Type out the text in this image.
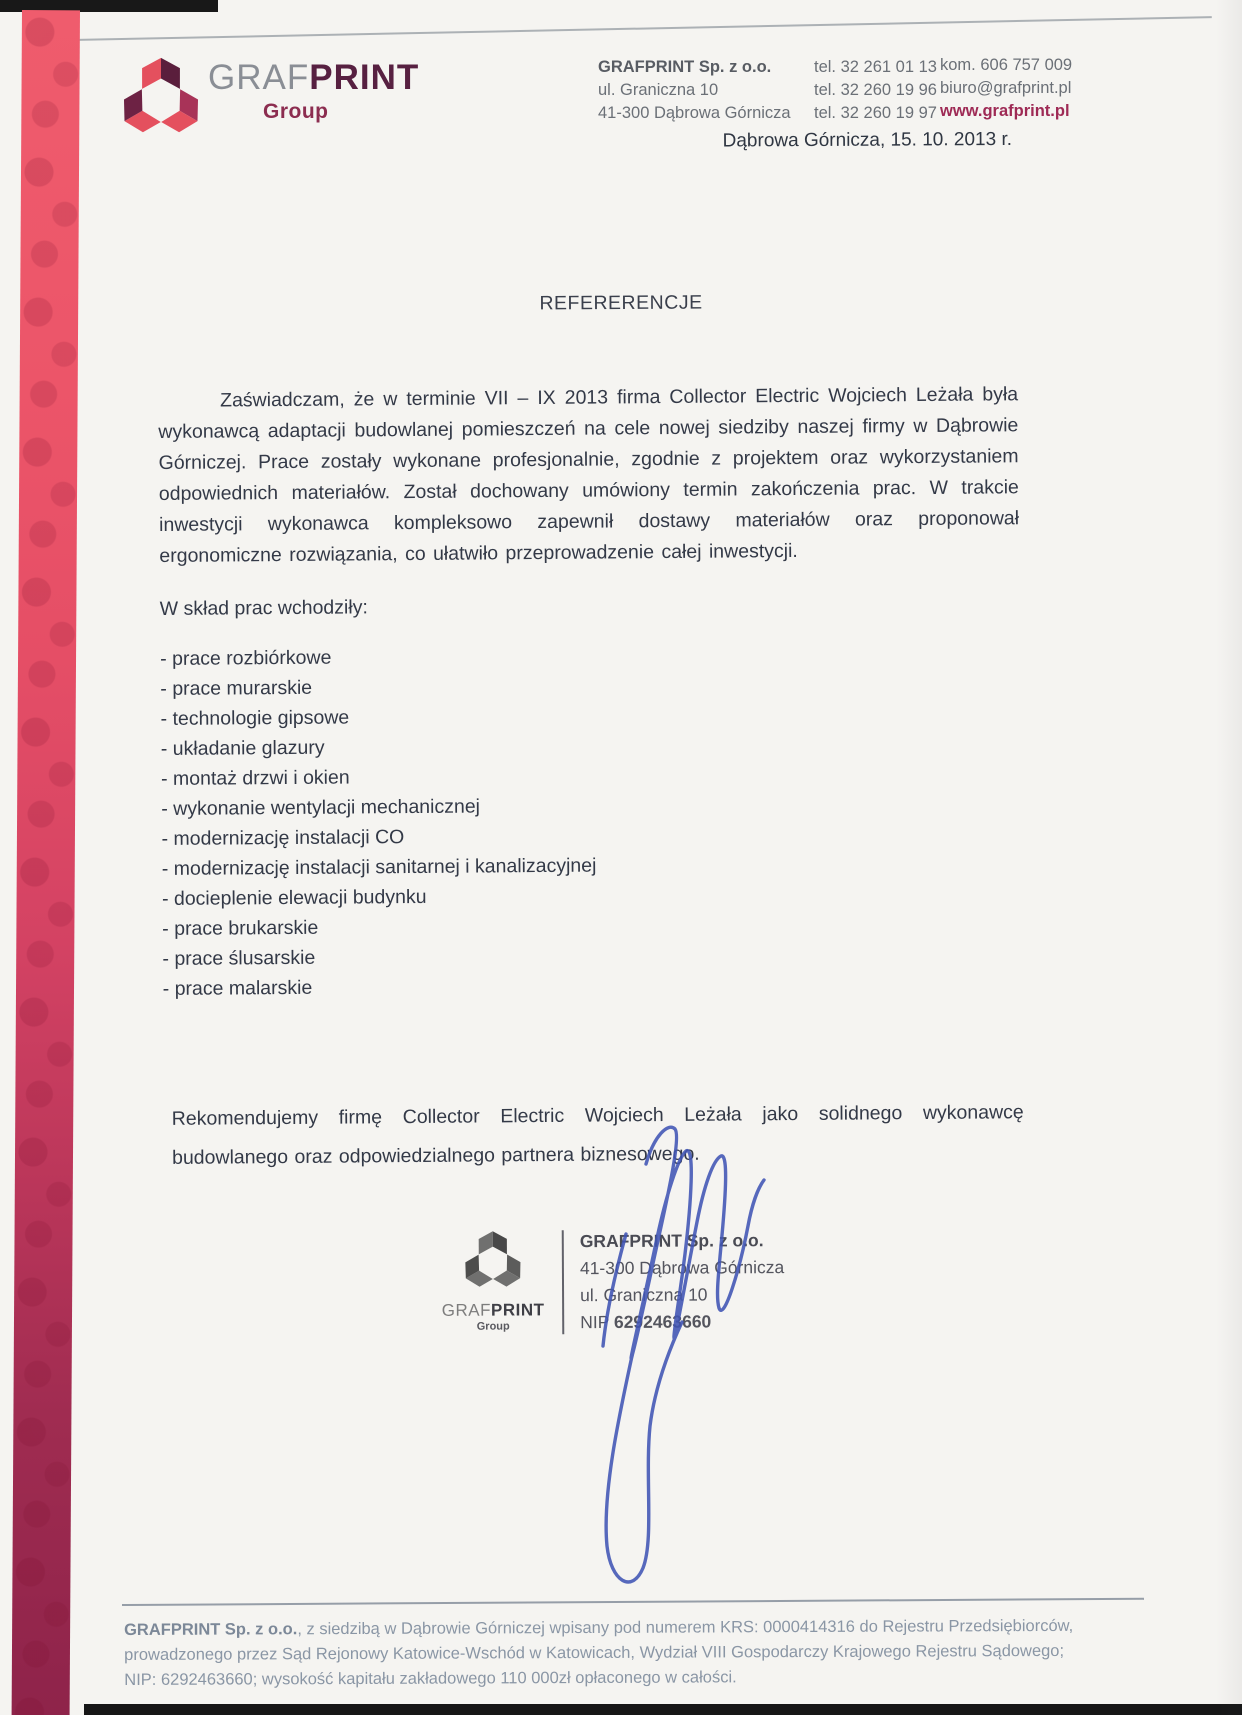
GRAFPRINT
Group
GRAFPRINT Sp. z o.o.
ul. Graniczna 10
41-300 Dąbrowa Górnicza
tel. 32 261 01 13
tel. 32 260 19 96
tel. 32 260 19 97
kom. 606 757 009
biuro@grafprint.pl
www.grafprint.pl
Dąbrowa Górnicza, 15. 10. 2013 r.
REFERERENCJE

Zaświadczam, że w terminie VII – IX 2013 firma Collector Electric Wojciech Leżała była wykonawcą adaptacji budowlanej pomieszczeń na cele nowej siedziby naszej firmy w Dąbrowie Górniczej. Prace zostały wykonane profesjonalnie, zgodnie z projektem oraz wykorzystaniem odpowiednich materiałów. Został dochowany umówiony termin zakończenia prac. W trakcie inwestycji wykonawca kompleksowo zapewnił dostawy materiałów oraz proponował ergonomiczne rozwiązania, co ułatwiło przeprowadzenie całej inwestycji.

W skład prac wchodziły:

- prace rozbiórkowe
- prace murarskie
- technologie gipsowe
- układanie glazury
- montaż drzwi i okien
- wykonanie wentylacji mechanicznej
- modernizację instalacji CO
- modernizację instalacji sanitarnej i kanalizacyjnej
- docieplenie elewacji budynku
- prace brukarskie
- prace ślusarskie
- prace malarskie

Rekomendujemy firmę Collector Electric Wojciech Leżała jako solidnego wykonawcę budowlanego oraz odpowiedzialnego partnera biznesowego.

GRAFPRINT
Group
GRAFPRINT Sp. z o.o.
41-300 Dąbrowa Górnicza
ul. Graniczna 10
NIP 6292463660
GRAFPRINT Sp. z o.o., z siedzibą w Dąbrowie Górniczej wpisany pod numerem KRS: 0000414316 do Rejestru Przedsiębiorców,
prowadzonego przez Sąd Rejonowy Katowice-Wschód w Katowicach, Wydział VIII Gospodarczy Krajowego Rejestru Sądowego;
NIP: 6292463660; wysokość kapitału zakładowego 110 000zł opłaconego w całości.
